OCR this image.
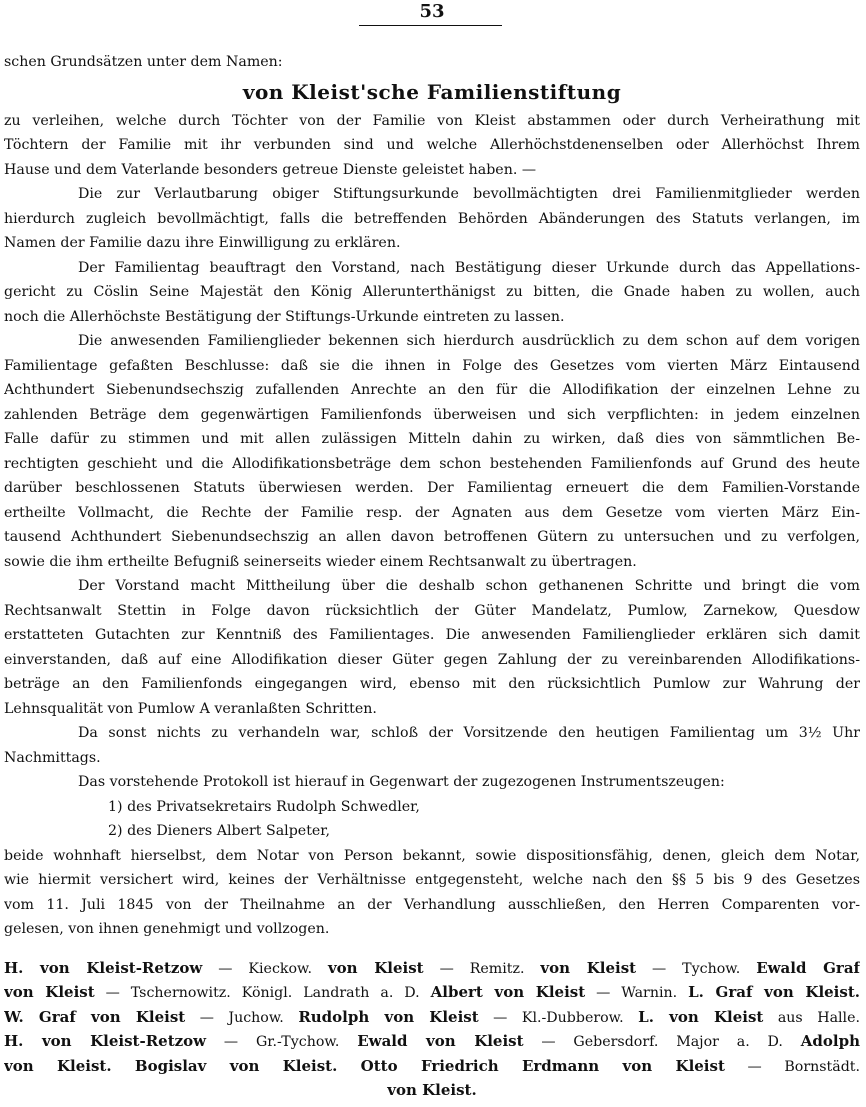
53
schen Grundsätzen unter dem Namen:
von Kleist'sche Familienstiftung
zu verleihen, welche durch Töchter von der Familie von Kleist abstammen oder durch Verheirathung mit
Töchtern der Familie mit ihr verbunden sind und welche Allerhöchstdenenselben oder Allerhöchst Ihrem
Hause und dem Vaterlande besonders getreue Dienste geleistet haben. —
Die zur Verlautbarung obiger Stiftungsurkunde bevollmächtigten drei Familienmitglieder werden
hierdurch zugleich bevollmächtigt, falls die betreffenden Behörden Abänderungen des Statuts verlangen, im
Namen der Familie dazu ihre Einwilligung zu erklären.
Der Familientag beauftragt den Vorstand, nach Bestätigung dieser Urkunde durch das Appellations-
gericht zu Cöslin Seine Majestät den König Allerunterthänigst zu bitten, die Gnade haben zu wollen, auch
noch die Allerhöchste Bestätigung der Stiftungs-Urkunde eintreten zu lassen.
Die anwesenden Familienglieder bekennen sich hierdurch ausdrücklich zu dem schon auf dem vorigen
Familientage gefaßten Beschlusse: daß sie die ihnen in Folge des Gesetzes vom vierten März Eintausend
Achthundert Siebenundsechszig zufallenden Anrechte an den für die Allodifikation der einzelnen Lehne zu
zahlenden Beträge dem gegenwärtigen Familienfonds überweisen und sich verpflichten: in jedem einzelnen
Falle dafür zu stimmen und mit allen zulässigen Mitteln dahin zu wirken, daß dies von sämmtlichen Be-
rechtigten geschieht und die Allodifikationsbeträge dem schon bestehenden Familienfonds auf Grund des heute
darüber beschlossenen Statuts überwiesen werden. Der Familientag erneuert die dem Familien-Vorstande
ertheilte Vollmacht, die Rechte der Familie resp. der Agnaten aus dem Gesetze vom vierten März Ein-
tausend Achthundert Siebenundsechszig an allen davon betroffenen Gütern zu untersuchen und zu verfolgen,
sowie die ihm ertheilte Befugniß seinerseits wieder einem Rechtsanwalt zu übertragen.
Der Vorstand macht Mittheilung über die deshalb schon gethanenen Schritte und bringt die vom
Rechtsanwalt Stettin in Folge davon rücksichtlich der Güter Mandelatz, Pumlow, Zarnekow, Quesdow
erstatteten Gutachten zur Kenntniß des Familientages. Die anwesenden Familienglieder erklären sich damit
einverstanden, daß auf eine Allodifikation dieser Güter gegen Zahlung der zu vereinbarenden Allodifikations-
beträge an den Familienfonds eingegangen wird, ebenso mit den rücksichtlich Pumlow zur Wahrung der
Lehnsqualität von Pumlow A veranlaßten Schritten.
Da sonst nichts zu verhandeln war, schloß der Vorsitzende den heutigen Familientag um 3½ Uhr
Nachmittags.
Das vorstehende Protokoll ist hierauf in Gegenwart der zugezogenen Instrumentszeugen:
1) des Privatsekretairs Rudolph Schwedler,
2) des Dieners Albert Salpeter,
beide wohnhaft hierselbst, dem Notar von Person bekannt, sowie dispositionsfähig, denen, gleich dem Notar,
wie hiermit versichert wird, keines der Verhältnisse entgegensteht, welche nach den §§ 5 bis 9 des Gesetzes
vom 11. Juli 1845 von der Theilnahme an der Verhandlung ausschließen, den Herren Comparenten vor-
gelesen, von ihnen genehmigt und vollzogen.
H. von Kleist-Retzow — Kieckow. von Kleist — Remitz. von Kleist — Tychow. Ewald Graf
von Kleist — Tschernowitz. Königl. Landrath a. D. Albert von Kleist — Warnin. L. Graf von Kleist.
W. Graf von Kleist — Juchow. Rudolph von Kleist — Kl.-Dubberow. L. von Kleist aus Halle.
H. von Kleist-Retzow — Gr.-Tychow. Ewald von Kleist — Gebersdorf. Major a. D. Adolph
von Kleist. Bogislav von Kleist. Otto Friedrich Erdmann von Kleist — Bornstädt.
von Kleist.
